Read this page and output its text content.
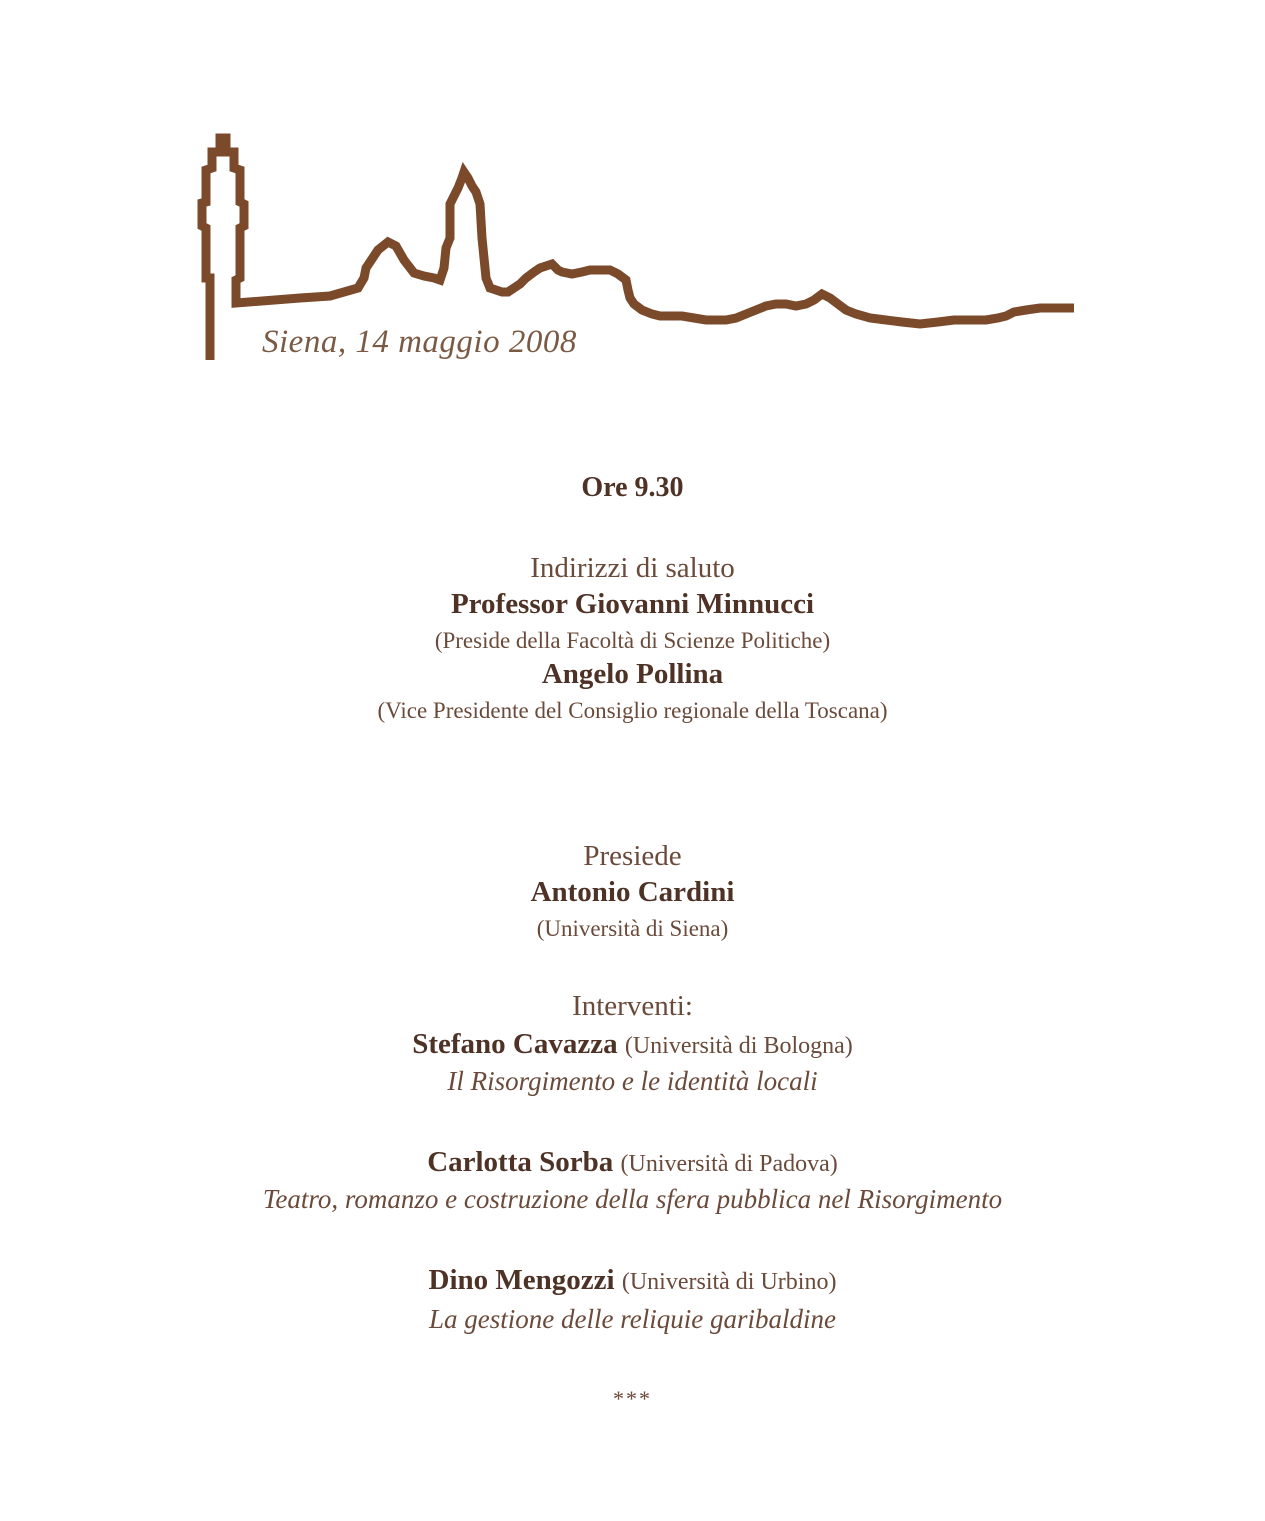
Siena, 14 maggio 2008
Ore 9.30
Indirizzi di saluto
Professor Giovanni Minnucci
(Preside della Facoltà di Scienze Politiche)
Angelo Pollina
(Vice Presidente del Consiglio regionale della Toscana)
Presiede
Antonio Cardini
(Università di Siena)
Interventi:
Stefano Cavazza (Università di Bologna)
Il Risorgimento e le identità locali
Carlotta Sorba (Università di Padova)
Teatro, romanzo e costruzione della sfera pubblica nel Risorgimento
Dino Mengozzi (Università di Urbino)
La gestione delle reliquie garibaldine
***
